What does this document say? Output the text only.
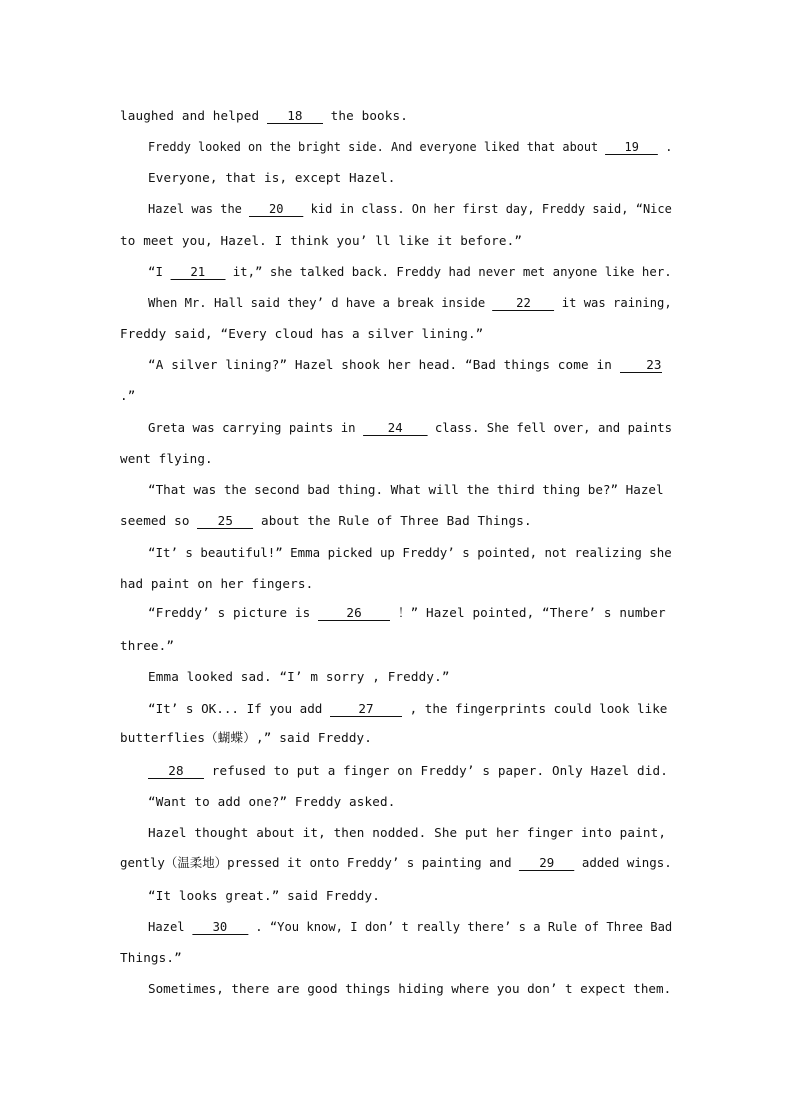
laughed and helped 18 the books.
Freddy looked on the bright side. And everyone liked that about 19 .
Everyone, that is, except Hazel.
Hazel was the 20 kid in class. On her first day, Freddy said, “Nice
to meet you, Hazel. I think you’ ll like it before.”
“I 21 it,” she talked back. Freddy had never met anyone like her.
When Mr. Hall said they’ d have a break inside 22 it was raining,
Freddy said, “Every cloud has a silver lining.”
“A silver lining?” Hazel shook her head. “Bad things come in 23
.”
Greta was carrying paints in 24 class. She fell over, and paints
went flying.
“That was the second bad thing. What will the third thing be?” Hazel
seemed so 25 about the Rule of Three Bad Things.
“It’ s beautiful!” Emma picked up Freddy’ s pointed, not realizing she
had paint on her fingers.
“Freddy’ s picture is 26 ！” Hazel pointed, “There’ s number
three.”
Emma looked sad. “I’ m sorry , Freddy.”
“It’ s OK... If you add 27 , the fingerprints could look like
butterflies（蝴蝶）,” said Freddy.
28 refused to put a finger on Freddy’ s paper. Only Hazel did.
“Want to add one?” Freddy asked.
Hazel thought about it, then nodded. She put her finger into paint,
gently（温柔地）pressed it onto Freddy’ s painting and 29 added wings.
“It looks great.” said Freddy.
Hazel 30 . “You know, I don’ t really there’ s a Rule of Three Bad
Things.”
Sometimes, there are good things hiding where you don’ t expect them.
